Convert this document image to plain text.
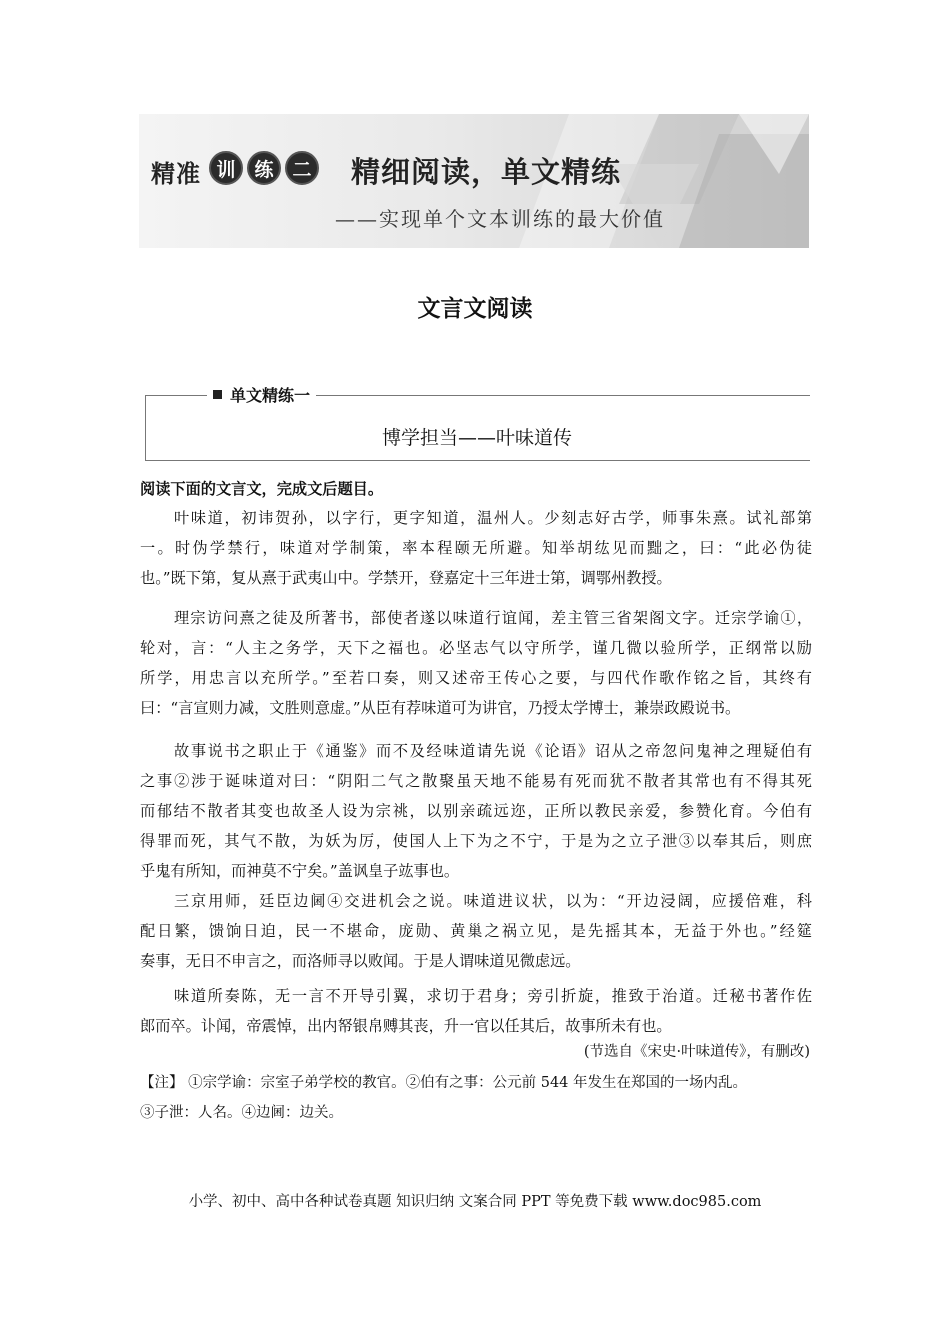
精准 训 练 二 精细阅读，单文精练
——实现单个文本训练的最大价值
文言文阅读
单文精练一
博学担当——叶味道传
阅读下面的文言文，完成文后题目。

叶味道，初讳贺孙，以字行，更字知道，温州人。少刻志好古学，师事朱熹。试礼部第

一。时伪学禁行，味道对学制策，率本程颐无所避。知举胡纮见而黜之，曰：“此必伪徒

也。”既下第，复从熹于武夷山中。学禁开，登嘉定十三年进士第，调鄂州教授。

理宗访问熹之徒及所著书，部使者遂以味道行谊闻，差主管三省架阁文字。迁宗学谕①，

轮对，言：“人主之务学，天下之福也。必坚志气以守所学，谨几微以验所学，正纲常以励

所学，用忠言以充所学。”至若口奏，则又述帝王传心之要，与四代作歌作铭之旨，其终有

曰：“言宣则力减，文胜则意虚。”从臣有荐味道可为讲官，乃授太学博士，兼崇政殿说书。

故事说书之职止于《通鉴》而不及经味道请先说《论语》诏从之帝忽问鬼神之理疑伯有

之事②涉于诞味道对曰：“阴阳二气之散聚虽天地不能易有死而犹不散者其常也有不得其死

而郁结不散者其变也故圣人设为宗祧，以别亲疏远迩，正所以教民亲爱，参赞化育。今伯有

得罪而死，其气不散，为妖为厉，使国人上下为之不宁，于是为之立子泄③以奉其后，则庶

乎鬼有所知，而神莫不宁矣。”盖讽皇子竑事也。

三京用师，廷臣边阃④交进机会之说。味道进议状，以为：“开边浸阔，应援倍难，科

配日繁，馈饷日迫，民一不堪命，庞勋、黄巢之祸立见，是先摇其本，无益于外也。”经筵

奏事，无日不申言之，而洛师寻以败闻。于是人谓味道见微虑远。

味道所奏陈，无一言不开导引翼，求切于君身；旁引折旋，推致于治道。迁秘书著作佐

郎而卒。讣闻，帝震悼，出内帑银帛赙其丧，升一官以任其后，故事所未有也。

(节选自《宋史·叶味道传》，有删改)

【注】 ①宗学谕：宗室子弟学校的教官。②伯有之事：公元前 544 年发生在郑国的一场内乱。

③子泄：人名。④边阃：边关。

小学、初中、高中各种试卷真题 知识归纳 文案合同 PPT 等免费下载 www.doc985.com
